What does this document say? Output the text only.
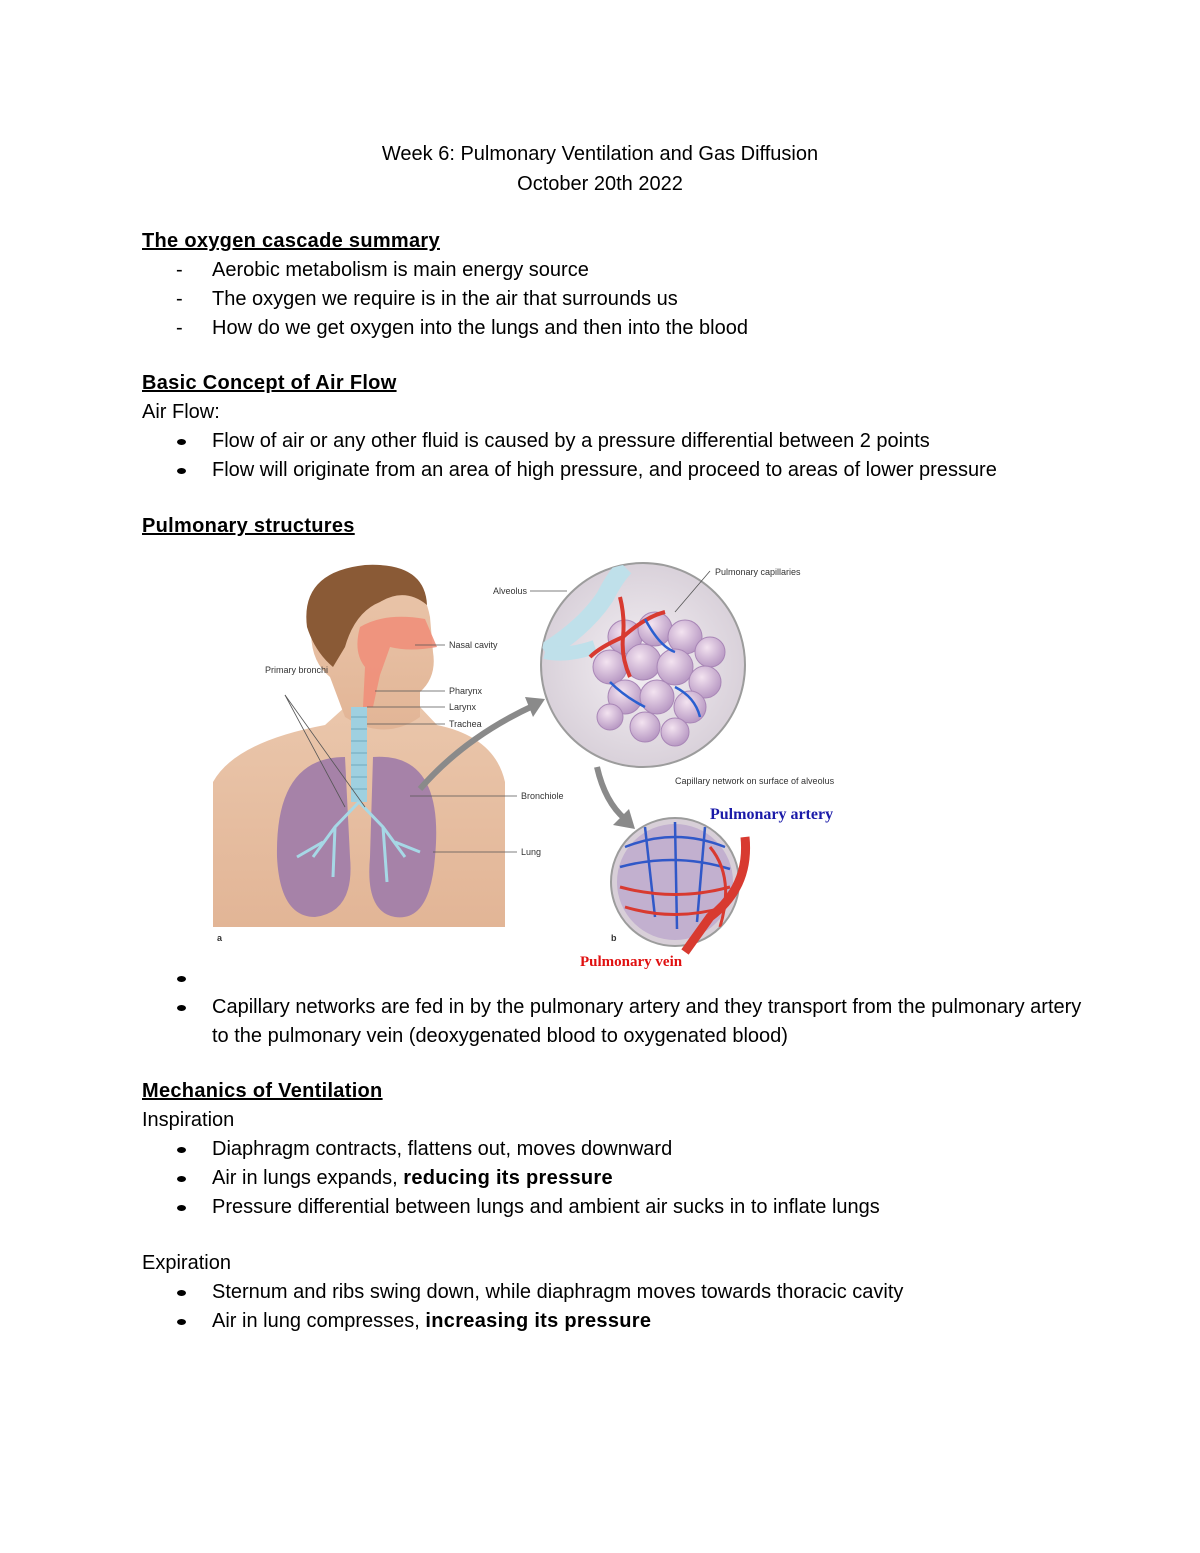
Week 6: Pulmonary Ventilation and Gas Diffusion
October 20th 2022
The oxygen cascade summary
- Aerobic metabolism is main energy source
- The oxygen we require is in the air that surrounds us
- How do we get oxygen into the lungs and then into the blood
Basic Concept of Air Flow
Air Flow:
Flow of air or any other fluid is caused by a pressure differential between 2 points
Flow will originate from an area of high pressure, and proceed to areas of lower pressure
Pulmonary structures
Nasal cavity
Primary bronchi
Pharynx
Larynx
Trachea
Bronchiole
Lung
a
Alveolus
Pulmonary capillaries
Capillary network on surface of alveolus
b
Pulmonary artery
Pulmonary vein

Capillary networks are fed in by the pulmonary artery and they transport from the pulmonary artery to the pulmonary vein (deoxygenated blood to oxygenated blood)
Mechanics of Ventilation
Inspiration
Diaphragm contracts, flattens out, moves downward
Air in lungs expands, reducing its pressure
Pressure differential between lungs and ambient air sucks in to inflate lungs
Expiration
Sternum and ribs swing down, while diaphragm moves towards thoracic cavity
Air in lung compresses, increasing its pressure
